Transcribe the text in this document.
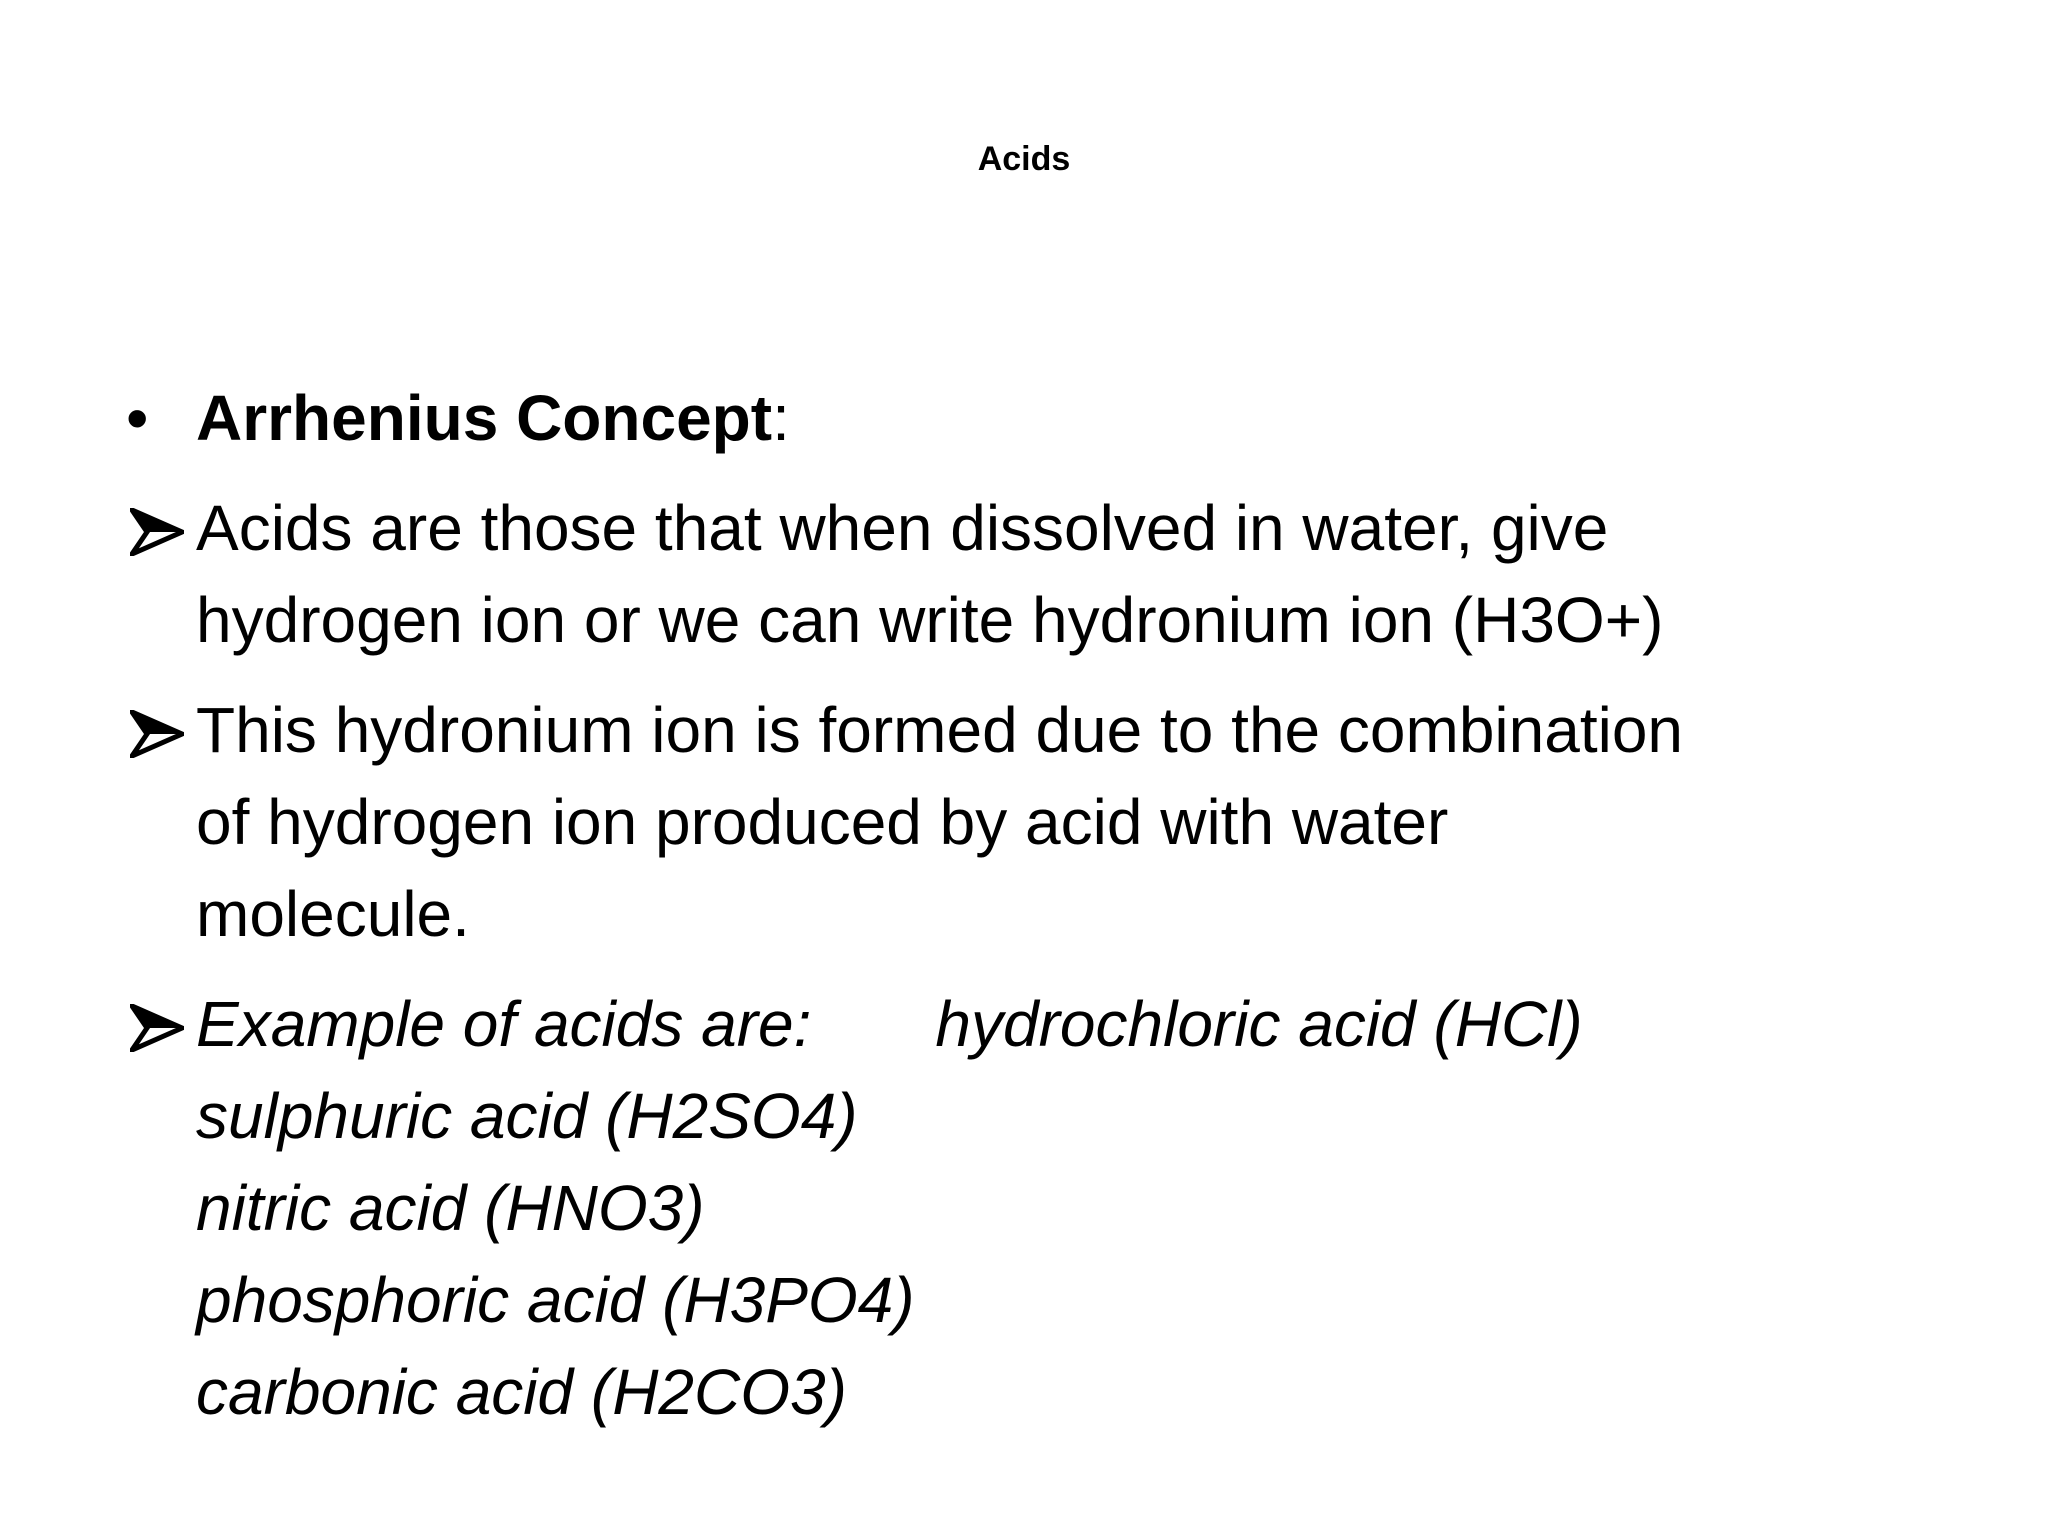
Acids
• Arrhenius Concept:
Acids are those that when dissolved in water, give
hydrogen ion or we can write hydronium ion (H3O+)
This hydronium ion is formed due to the combination
of hydrogen ion produced by acid with water
molecule.
Example of acids are: hydrochloric acid (HCl)
sulphuric acid (H2SO4)
nitric acid (HNO3)
phosphoric acid (H3PO4)
carbonic acid (H2CO3)
